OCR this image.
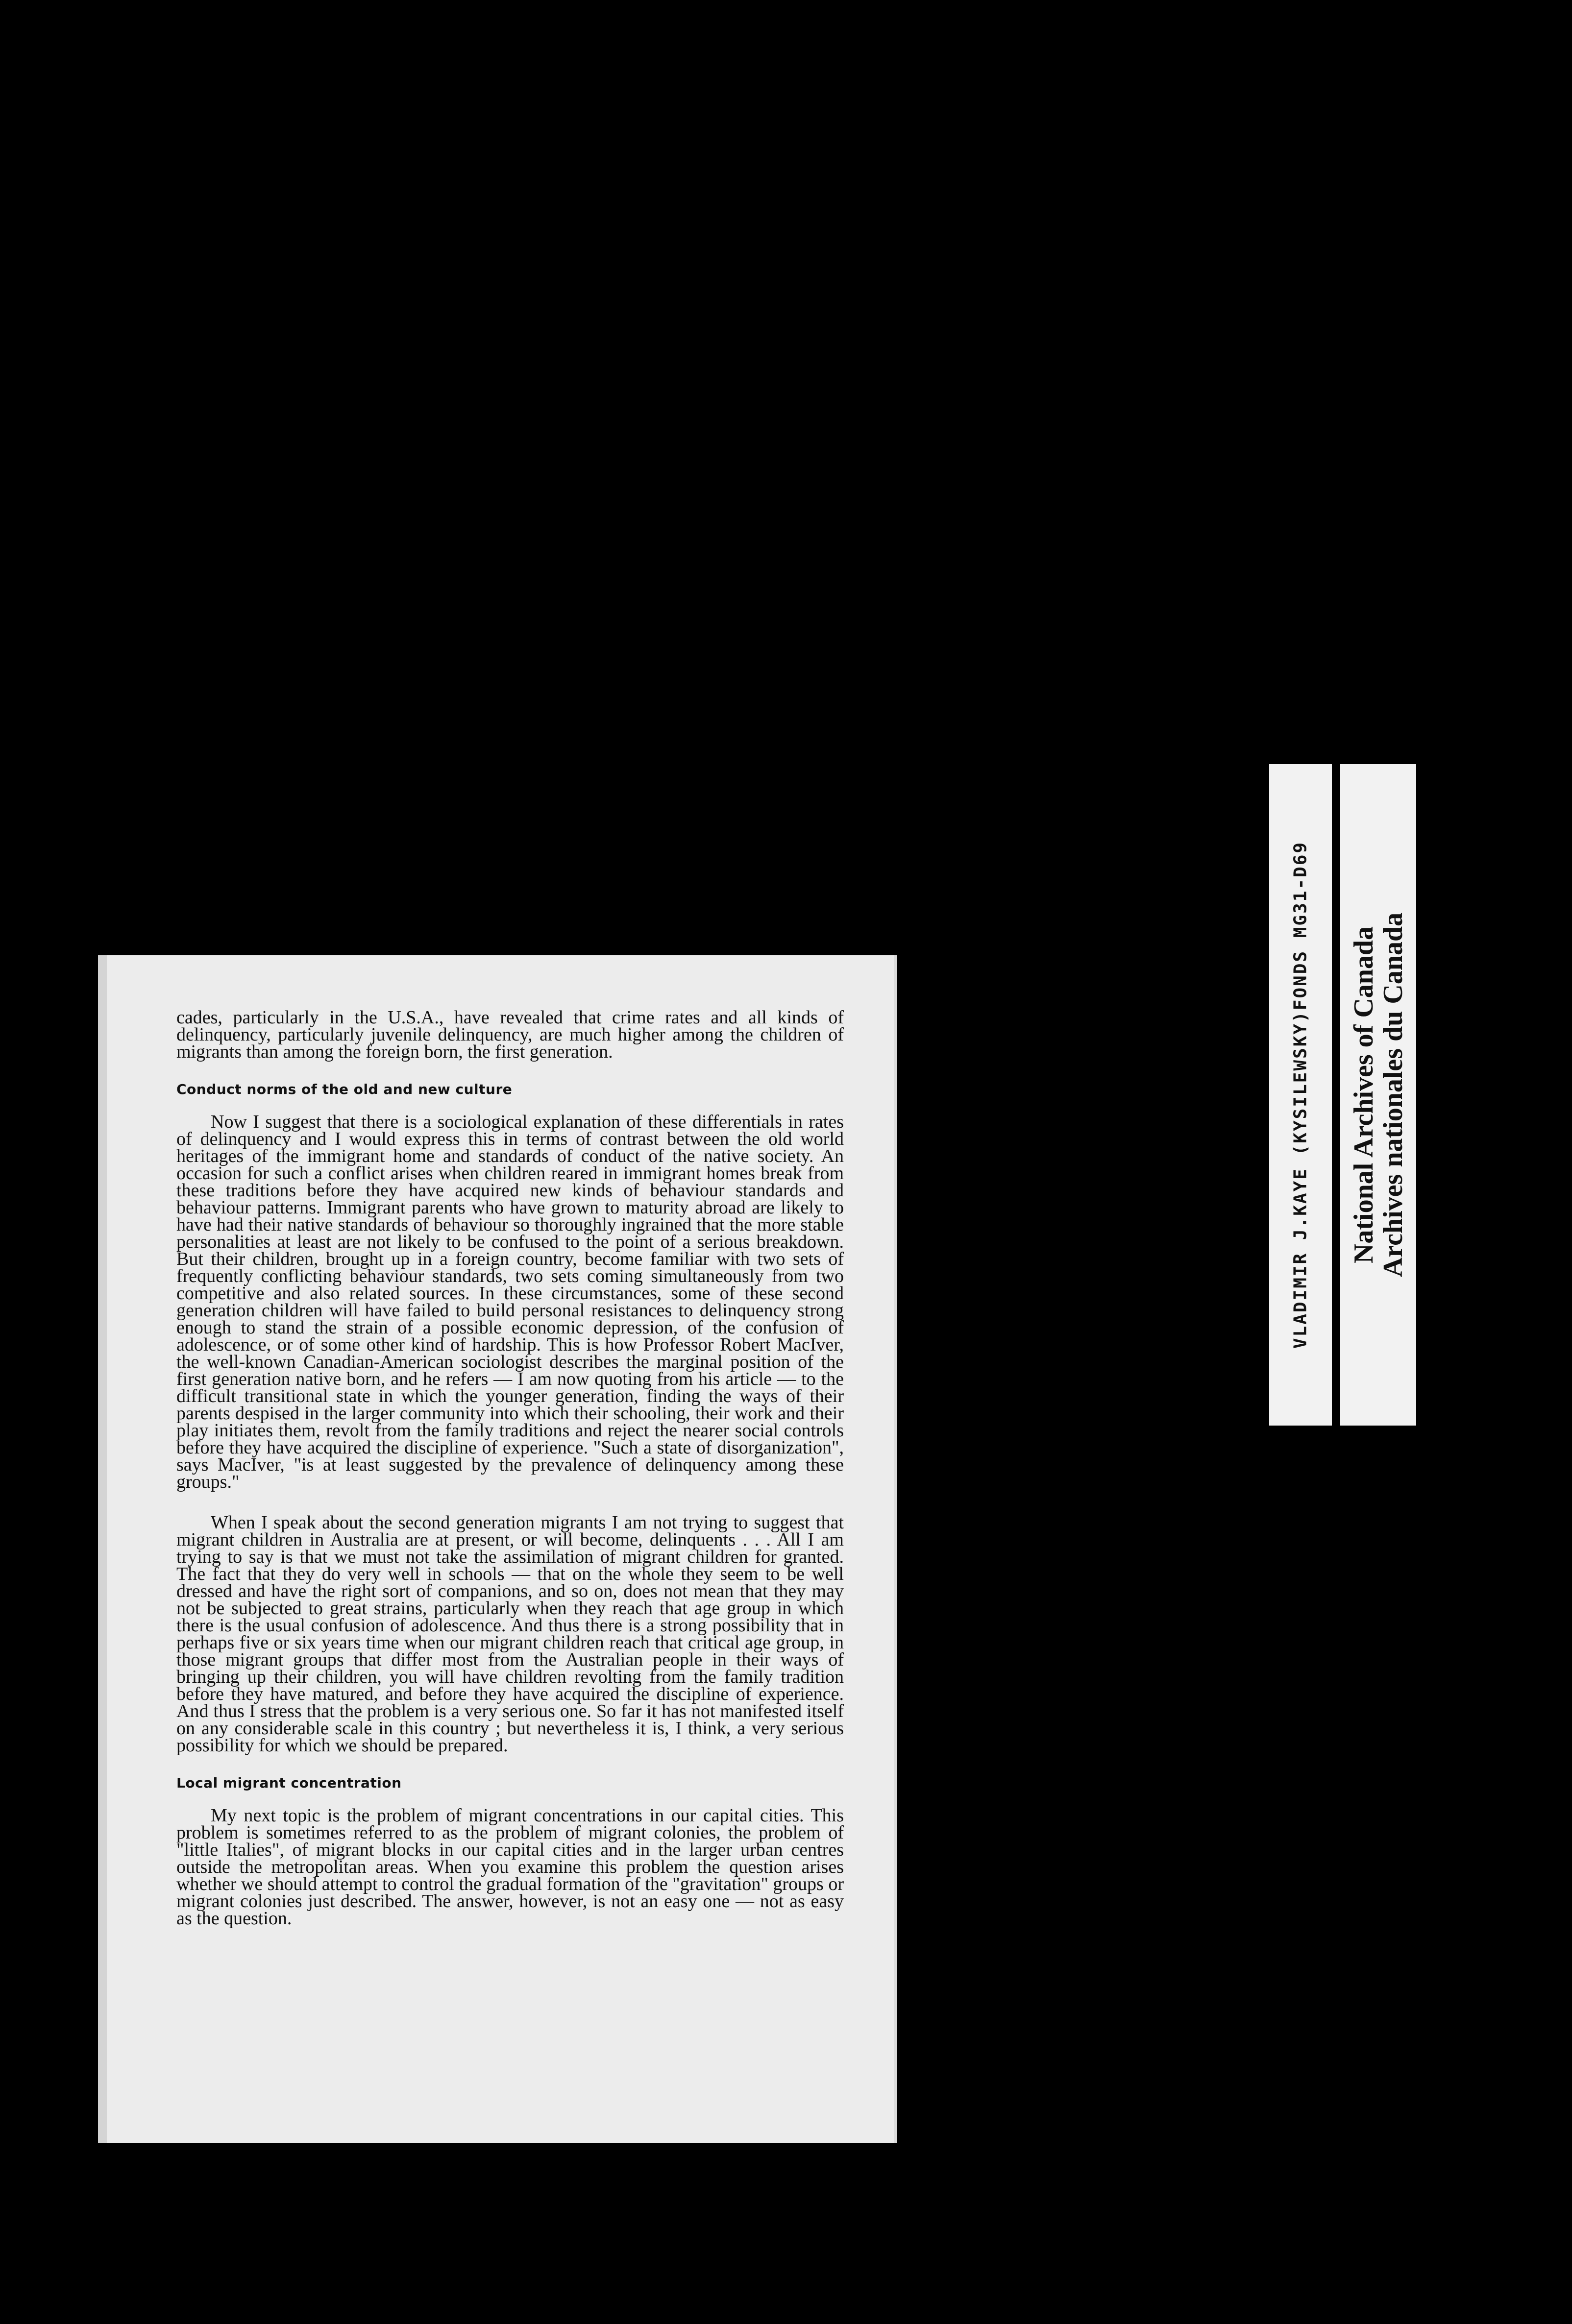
cades, particularly in the U.S.A., have revealed that crime rates and all kinds of delinquency, particularly juvenile delinquency, are much higher among the children of migrants than among the foreign born, the first generation.

Conduct norms of the old and new culture

Now I suggest that there is a sociological explanation of these differentials in rates of delinquency and I would express this in terms of contrast between the old world heritages of the immigrant home and standards of conduct of the native society. An occasion for such a conflict arises when children reared in immigrant homes break from these traditions before they have acquired new kinds of behaviour standards and behaviour patterns. Immigrant parents who have grown to maturity abroad are likely to have had their native standards of behaviour so thoroughly ingrained that the more stable personalities at least are not likely to be confused to the point of a serious breakdown. But their children, brought up in a foreign country, become familiar with two sets of frequently conflicting behaviour standards, two sets coming simultaneously from two competitive and also related sources. In these circumstances, some of these second generation children will have failed to build personal resistances to delinquency strong enough to stand the strain of a possible economic depression, of the confusion of adolescence, or of some other kind of hardship. This is how Professor Robert MacIver, the well-known Canadian-American sociologist describes the marginal position of the first generation native born, and he refers — I am now quoting from his article — to the difficult transitional state in which the younger generation, finding the ways of their parents despised in the larger community into which their schooling, their work and their play initiates them, revolt from the family traditions and reject the nearer social controls before they have acquired the discipline of experience. "Such a state of disorganization", says MacIver, "is at least suggested by the prevalence of delinquency among these groups."

When I speak about the second generation migrants I am not trying to suggest that migrant children in Australia are at present, or will become, delinquents . . . All I am trying to say is that we must not take the assimilation of migrant children for granted. The fact that they do very well in schools — that on the whole they seem to be well dressed and have the right sort of companions, and so on, does not mean that they may not be subjected to great strains, particularly when they reach that age group in which there is the usual confusion of adolescence. And thus there is a strong possibility that in perhaps five or six years time when our migrant children reach that critical age group, in those migrant groups that differ most from the Australian people in their ways of bringing up their children, you will have children revolting from the family tradition before they have matured, and before they have acquired the discipline of experience. And thus I stress that the problem is a very serious one. So far it has not manifested itself on any considerable scale in this country ; but nevertheless it is, I think, a very serious possibility for which we should be prepared.

Local migrant concentration

My next topic is the problem of migrant concentrations in our capital cities. This problem is sometimes referred to as the problem of migrant colonies, the problem of "little Italies", of migrant blocks in our capital cities and in the larger urban centres outside the metropolitan areas. When you examine this problem the question arises whether we should attempt to control the gradual formation of the "gravitation" groups or migrant colonies just described. The answer, however, is not an easy one — not as easy as the question.

VLADIMIR J.KAYE (KYSILEWSKY)FONDS MG31-D69 National Archives of Canada
Archives nationales du Canada
